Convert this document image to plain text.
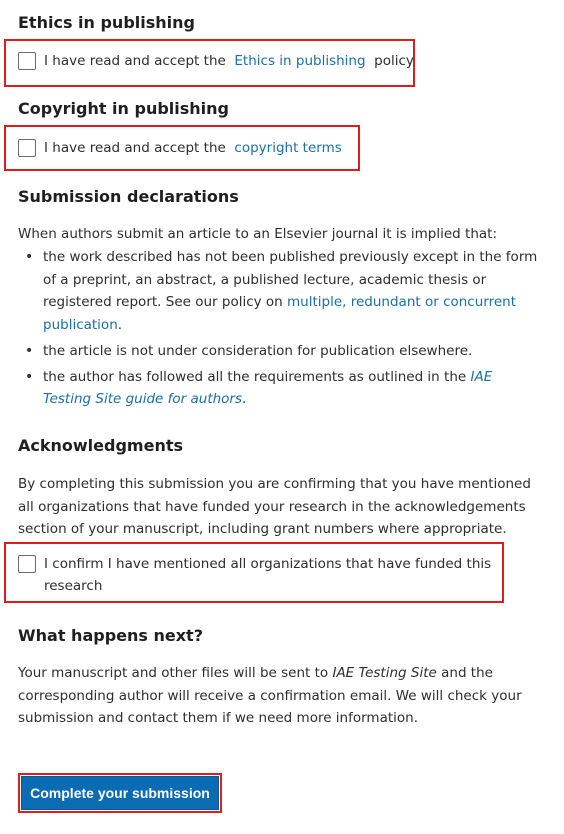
Ethics in publishing
I have read and accept the Ethics in publishing policy
Copyright in publishing
I have read and accept the copyright terms
Submission declarations

When authors submit an article to an Elsevier journal it is implied that:

• the work described has not been published previously except in the form of a preprint, an abstract, a published lecture, academic thesis or registered report. See our policy on multiple, redundant or concurrent publication.
• the article is not under consideration for publication elsewhere.
• the author has followed all the requirements as outlined in the IAE Testing Site guide for authors.
Acknowledgments

By completing this submission you are confirming that you have mentioned all organizations that have funded your research in the acknowledgements section of your manuscript, including grant numbers where appropriate.

I confirm I have mentioned all organizations that have funded this research
What happens next?

Your manuscript and other files will be sent to IAE Testing Site and the corresponding author will receive a confirmation email. We will check your submission and contact them if we need more information.

Complete your submission
